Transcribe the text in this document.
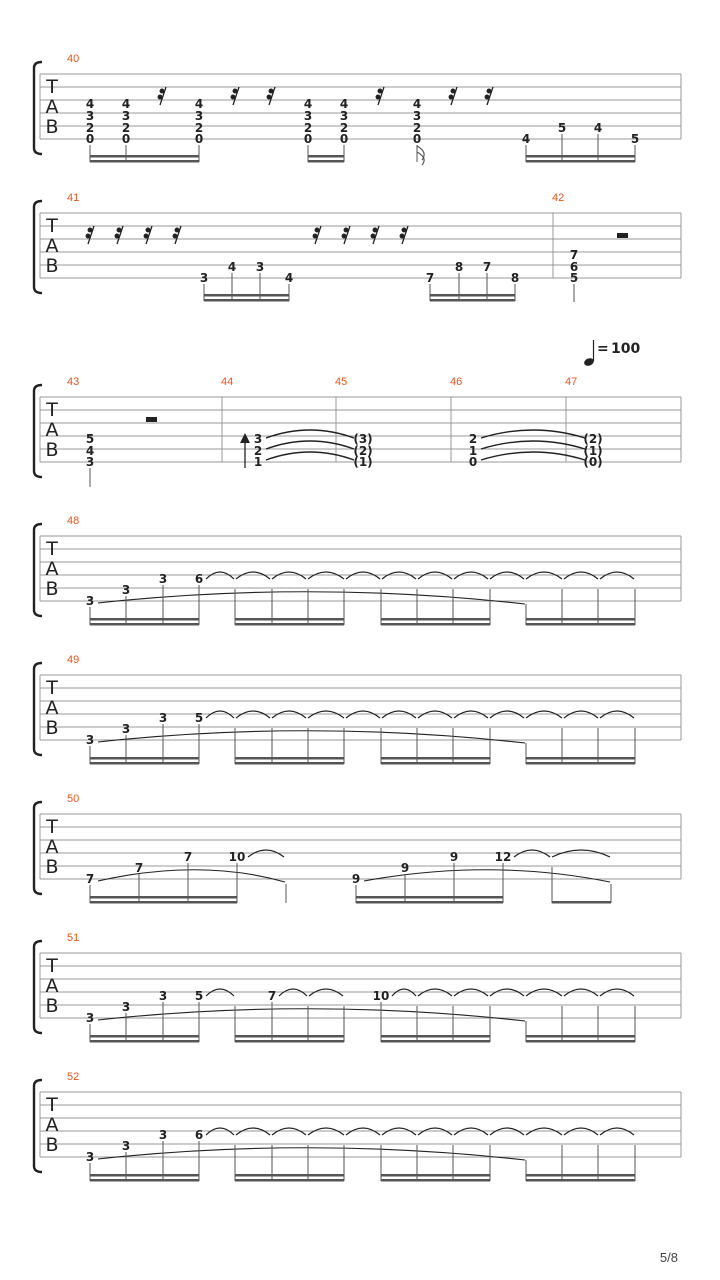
T
A
B
40
4
3
2
0
4
3
2
0
4
3
2
0
4
3
2
0
4
3
2
0
4
3
2
0	4
5 4
5
T
A
B
41	42
3
4 3
4	7
8 7
8
7
6
5
= 100
T
A
B
43	44	45	46	47
5
4
3
3
2
1
(3)
(2)
(1)
2
1
0
(2)
(1)
(0)
T
A
B
48
3
3
3 6
T
A
B
49
3
3
3 5
T
A
B
50
7
7
7	10
9
9
9	12
T
A
B
51
3
3
3 5	7	10
T
A
B
52
3
3
3 6
5/8
